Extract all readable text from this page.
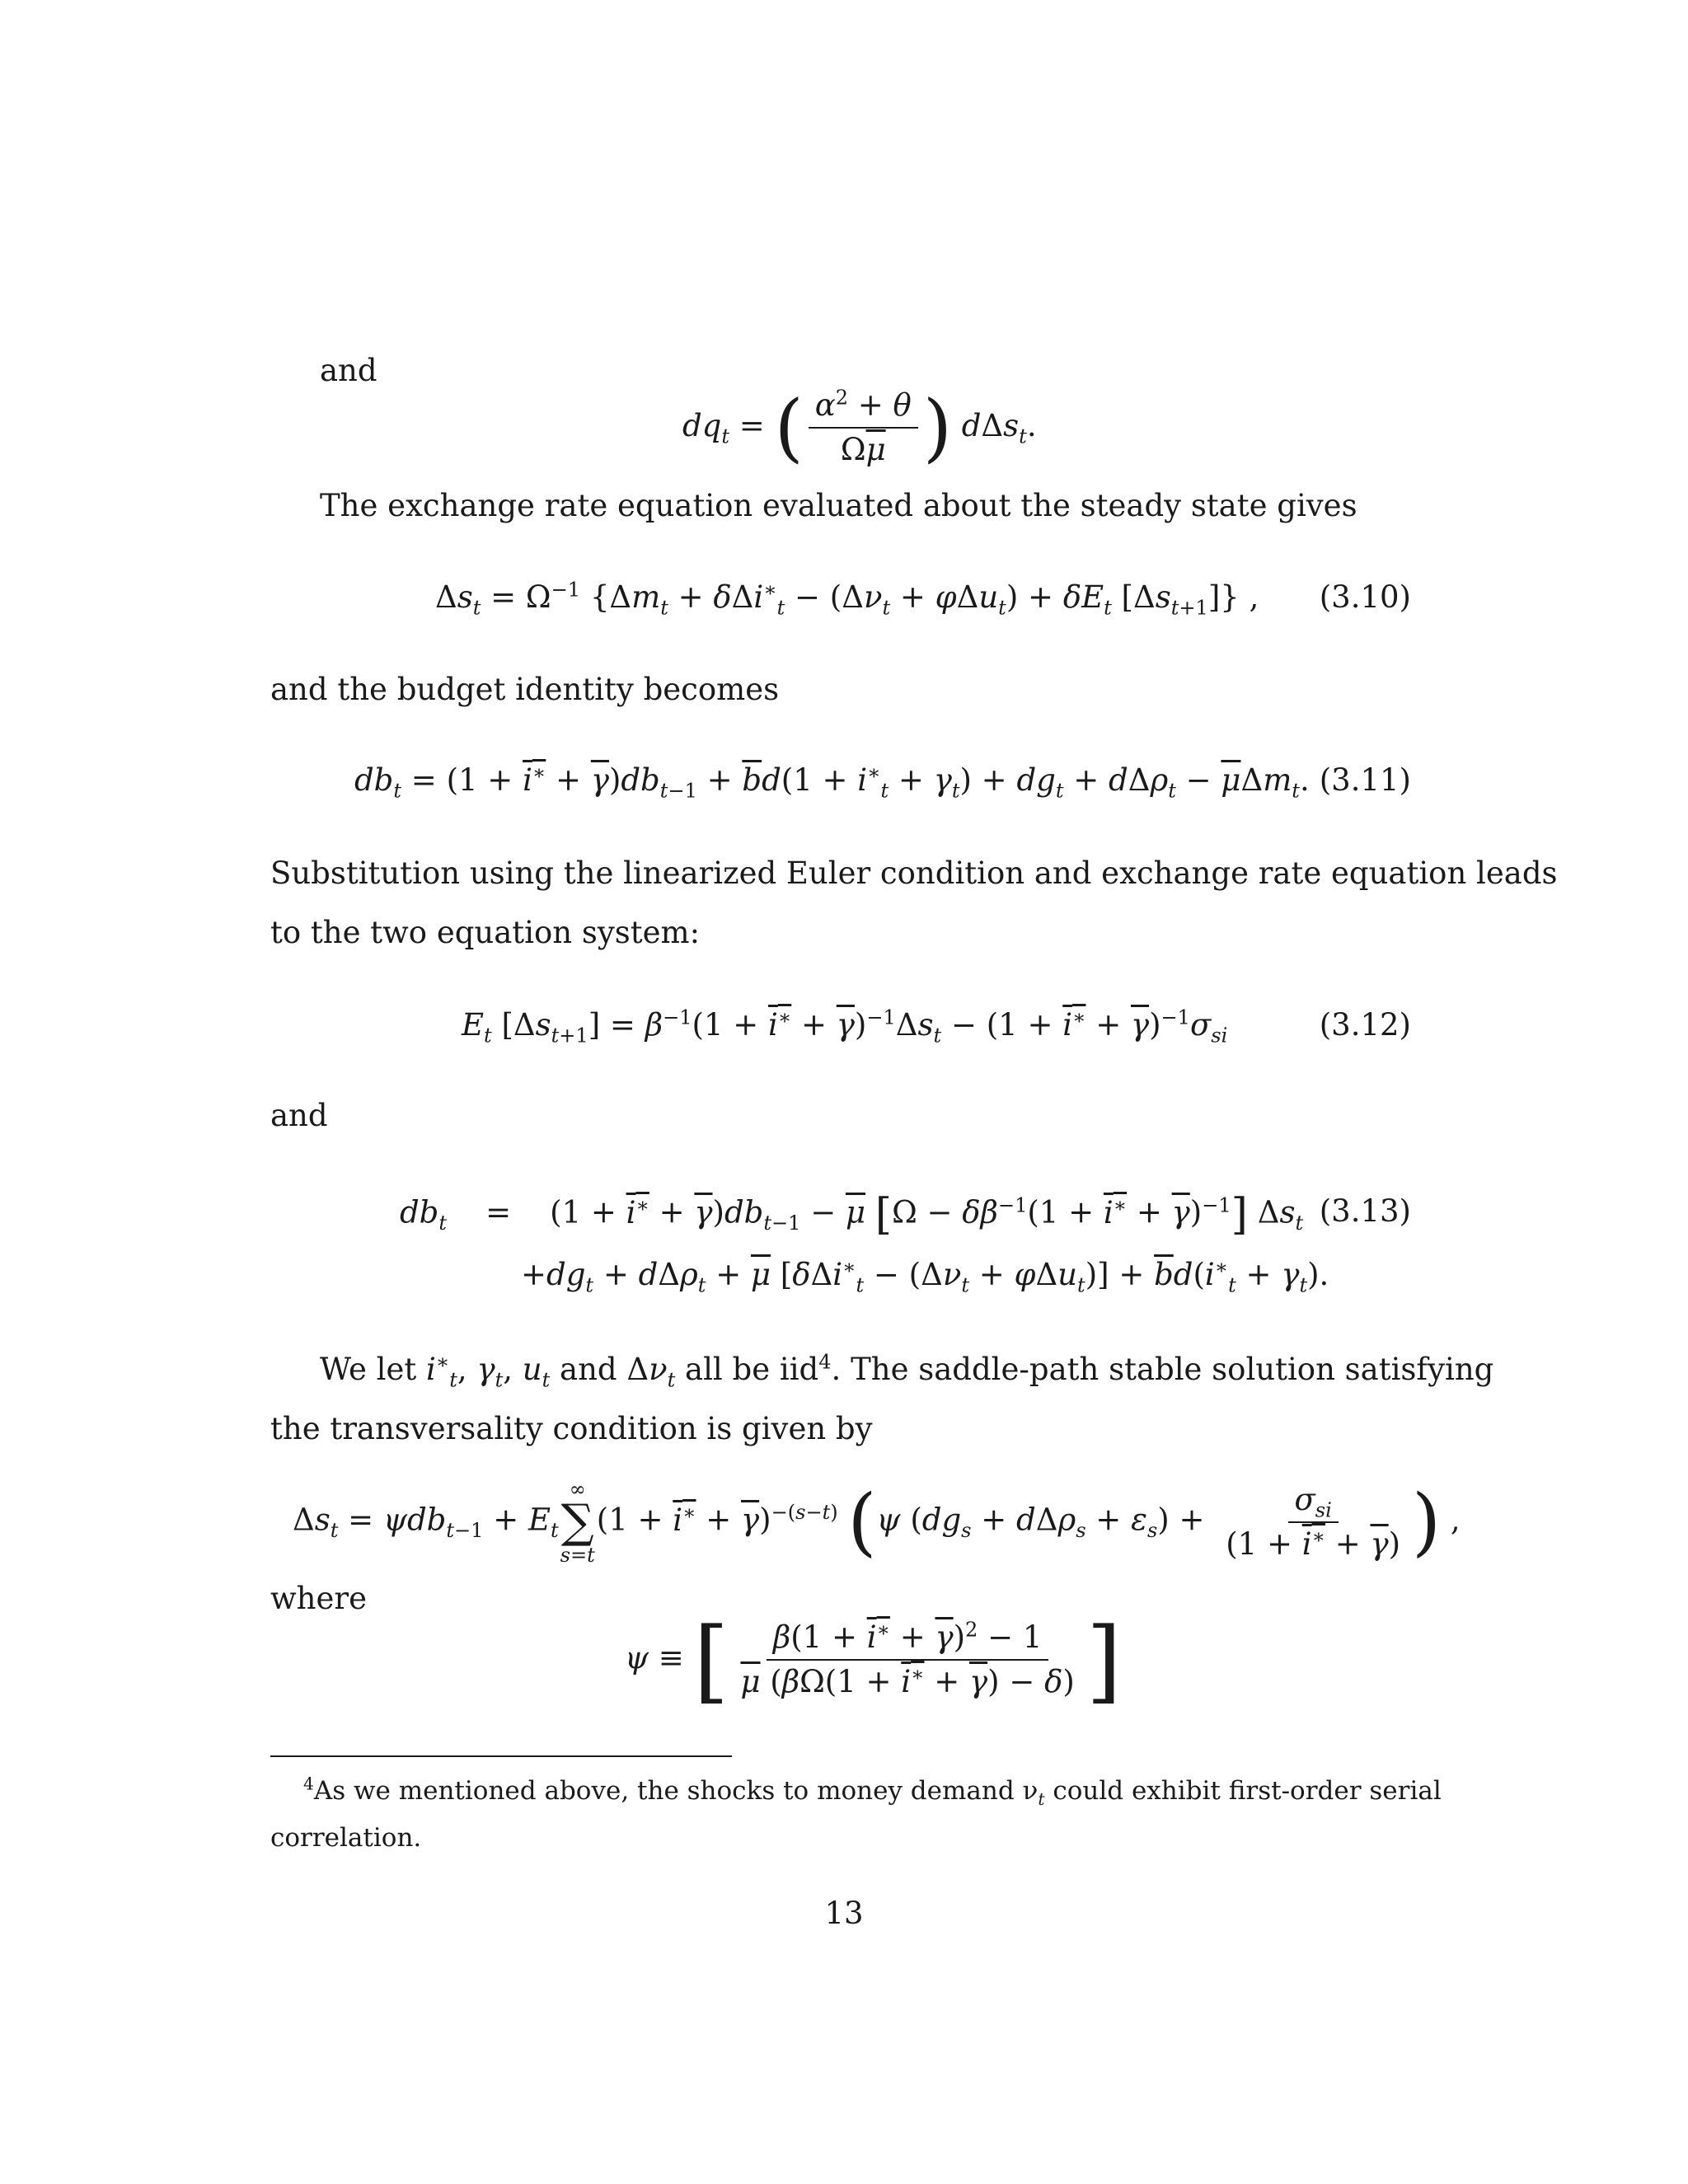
and
$dq_t$ = ( $\frac{\alpha^2 + \theta}{\Omega\overline{\mu}}$ ) dΔs$_t$.
The exchange rate equation evaluated about the steady state gives
$\Delta s_t = \Omega^{-1}$ {$\Delta m_t + \delta\Delta i^∗_t - (\Delta\nu_t + \varphi\Delta u_t) + \delta E_t$ $[\Delta s_{t+1}]$} , (3.10)
and the budget identity becomes
$db_t = (1 + i^∗ + \overline{\gamma})db_{t-1} + \overline{b}d(1 + i^∗_t + \gamma_t) + dg_t + d\Delta\rho_t - \overline{\mu}\Delta m_t$. (3.11)
Substitution using the linearized Euler condition and exchange rate equation leads
to the two equation system:
$E_t$ $[\Delta s_{t+1}] = \beta^{-1}(1 + i^∗ + \overline{\gamma})^{-1}\Delta s_t - (1 + i^∗ + \overline{\gamma})^{-1}\sigma_{si}$	(3.12)
and
$db_t$    =    $(1 + i^∗ + \overline{\gamma})db_{t-1} - \overline{\mu}$ $[\Omega - \delta\beta^{-1}(1 + i^∗ + \overline{\gamma})^{-1}]$ $\Delta s_t$ (3.13)
$+dg_t + d\Delta\rho_t + \overline{\mu}$ $[\delta\Delta i^∗_t - (\Delta\nu_t + \varphi\Delta u_t)] + \overline{b}d(i^∗_t + \gamma_t)$.
We let $i^∗_t$, $\gamma_t$, $u_t$ and $\Delta\nu_t$ all be iid$^4$. The saddle-path stable solution satisfying
the transversality condition is given by
$\Delta s_t = \psi db_{t-1} + E_t$
∞
∑
s=t
$(1 + i^∗ + \overline{\gamma})^{-(s-t)}$ (ψ $(dg_s + d\Delta\rho_s + \varepsilon_s) + \frac{\sigma_{si}}{(1 + i^∗ + \overline{\gamma})}$ ) ,
where
ψ ≡ [ $\frac{\beta(1 + i^∗ + \overline{\gamma})^2 - 1}{\overline{\mu} (\beta\Omega(1 + i^∗ + \overline{\gamma}) - \delta)}$ ]
$^4$As we mentioned above, the shocks to money demand $\nu_t$ could exhibit first-order serial
correlation.
13
